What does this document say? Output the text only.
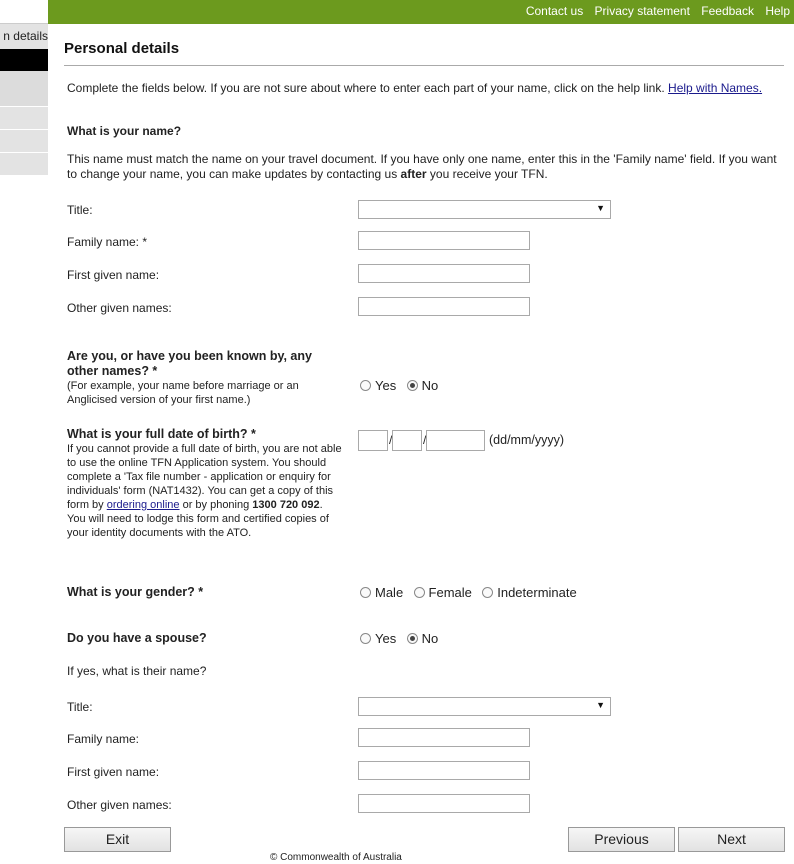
Contact us Privacy statement Feedback Help
n details
Personal details
Complete the fields below. If you are not sure about where to enter each part of your name, click on the help link. Help with Names.
What is your name?
This name must match the name on your travel document. If you have only one name, enter this in the 'Family name' field. If you want to change your name, you can make updates by contacting us after you receive your TFN.
Title:	▼
Family name: *
First given name:
Other given names:
Are you, or have you been known by, any other names? *
(For example, your name before marriage or an Anglicised version of your first name.)
Yes No
What is your full date of birth? *
If you cannot provide a full date of birth, you are not able to use the online TFN Application system. You should complete a 'Tax file number - application or enquiry for individuals' form (NAT1432). You can get a copy of this form by ordering online or by phoning 1300 720 092. You will need to lodge this form and certified copies of your identity documents with the ATO.
/	/	(dd/mm/yyyy)
What is your gender? *	Male Female Indeterminate
Do you have a spouse?	Yes No
If yes, what is their name?
Title:	▼
Family name:
First given name:
Other given names:
Exit	Previous	Next
© Commonwealth of Australia
